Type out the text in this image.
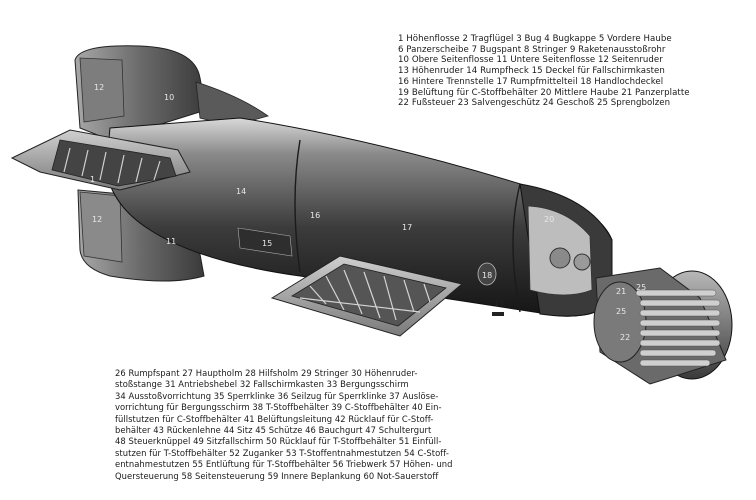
10
12
1
12
11
14
15
16
17
18
19
20
21 25
25
22
1 Höhenflosse 2 Tragflügel 3 Bug 4 Bugkappe 5 Vordere Haube
6 Panzerscheibe 7 Bugspant 8 Stringer 9 Raketenausstoßrohr
10 Obere Seitenflosse 11 Untere Seitenflosse 12 Seitenruder
13 Höhenruder 14 Rumpfheck 15 Deckel für Fallschirmkasten
16 Hintere Trennstelle 17 Rumpfmittelteil 18 Handlochdeckel
19 Belüftung für C-Stoffbehälter 20 Mittlere Haube 21 Panzerplatte
22 Fußsteuer 23 Salvengeschütz 24 Geschoß 25 Sprengbolzen
26 Rumpfspant 27 Hauptholm 28 Hilfsholm 29 Stringer 30 Höhenruder-
stoßstange 31 Antriebshebel 32 Fallschirmkasten 33 Bergungsschirm
34 Ausstoßvorrichtung 35 Sperrklinke 36 Seilzug für Sperrklinke 37 Auslöse-
vorrichtung für Bergungsschirm 38 T-Stoffbehälter 39 C-Stoffbehälter 40 Ein-
füllstutzen für C-Stoffbehälter 41 Belüftungsleitung 42 Rücklauf für C-Stoff-
behälter 43 Rückenlehne 44 Sitz 45 Schütze 46 Bauchgurt 47 Schultergurt
48 Steuerknüppel 49 Sitzfallschirm 50 Rücklauf für T-Stoffbehälter 51 Einfüll-
stutzen für T-Stoffbehälter 52 Zuganker 53 T-Stoffentnahmestutzen 54 C-Stoff-
entnahmestutzen 55 Entlüftung für T-Stoffbehälter 56 Triebwerk 57 Höhen- und
Quersteuerung 58 Seitensteuerung 59 Innere Beplankung 60 Not-Sauerstoff
